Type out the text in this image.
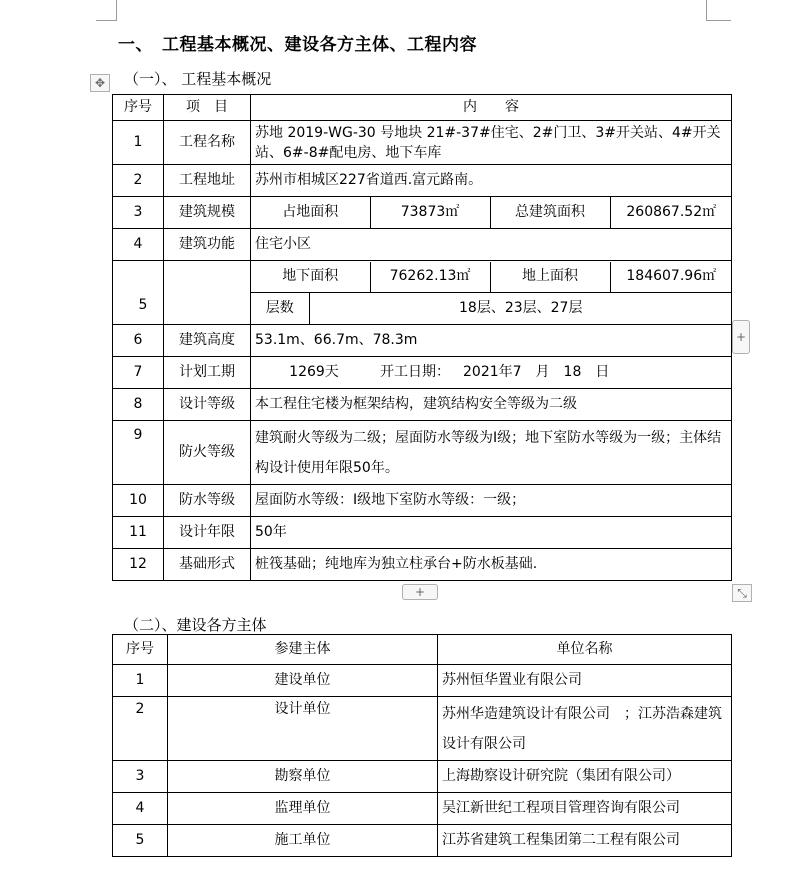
一、　工程基本概况、建设各方主体、工程内容
（一）、 工程基本概况
✥
序号	项　目	内　　容
1	工程名称	苏地 2019-WG-30 号地块 21#-37#住宅、2#门卫、3#开关站、4#开关站、6#-8#配电房、地下车库
2	工程地址	苏州市相城区227省道西.富元路南。
3	建筑规模		占地面积	73873㎡	总建筑面积	260867.52㎡

4	建筑功能	住宅小区
5		
地下面积	76262.13㎡	地上面积	184607.96㎡
层数	18层、23层、27层

6	建筑高度	53.1m、66.7m、78.3m
7	计划工期	1269天	开工日期： 2021年7　月　18　日
8	设计等级	本工程住宅楼为框架结构，建筑结构安全等级为二级
9	防火等级	建筑耐火等级为二级；屋面防水等级为Ⅰ级；地下室防水等级为一级；主体结构设计使用年限50年。
10	防水等级	屋面防水等级：Ⅰ级地下室防水等级：一级；
11	设计年限	50年
12	基础形式	桩筏基础；纯地库为独立柱承台+防水板基础.
+
+	⤡
（二）、建设各方主体
序号	参建主体	单位名称
1	建设单位	苏州恒华置业有限公司
2	设计单位	苏州华造建筑设计有限公司　；江苏浩森建筑设计有限公司
3	勘察单位	上海勘察设计研究院（集团有限公司）
4	监理单位	吴江新世纪工程项目管理咨询有限公司
5	施工单位	江苏省建筑工程集团第二工程有限公司
